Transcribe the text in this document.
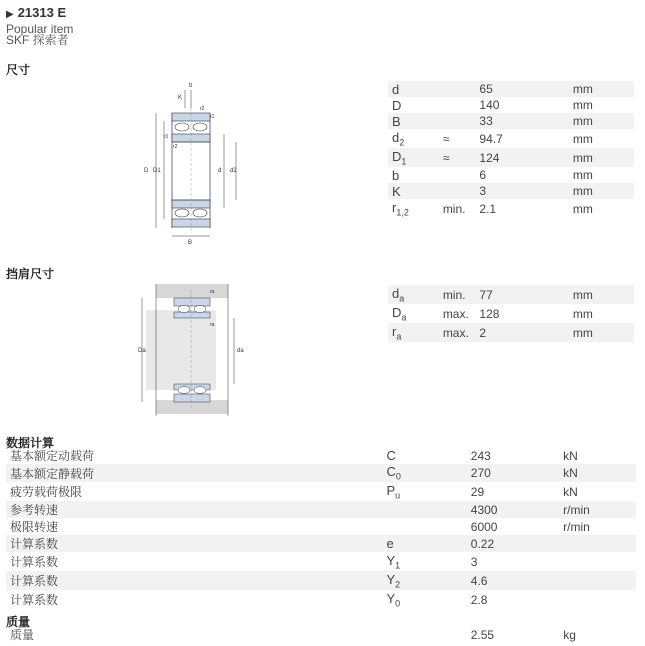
▶ 21313 E
Popular item
SKF 探索者
尺寸
b
K
r2
r1
r1
r2
D D1	d d2
B
d		65	mm
D		140	mm
B		33	mm
$d_2$	≈	94.7	mm
$D_1$	≈	124	mm
b		6	mm
K		3	mm
$r_{1,2}$	min.	2.1	mm
挡肩尺寸
ra
ra
Da	da
$d_a$	min.	77	mm
$D_a$	max.	128	mm
$r_a$	max.	2	mm
数据计算
基本额定动载荷	C	243	kN
基本额定静载荷	$C_0$	270	kN
疲劳载荷极限	$P_u$	29	kN
参考转速		4300	r/min
极限转速		6000	r/min
计算系数	e	0.22	
计算系数	$Y_1$	3	
计算系数	$Y_2$	4.6	
计算系数	$Y_0$	2.8	
质量
质量		2.55	kg
